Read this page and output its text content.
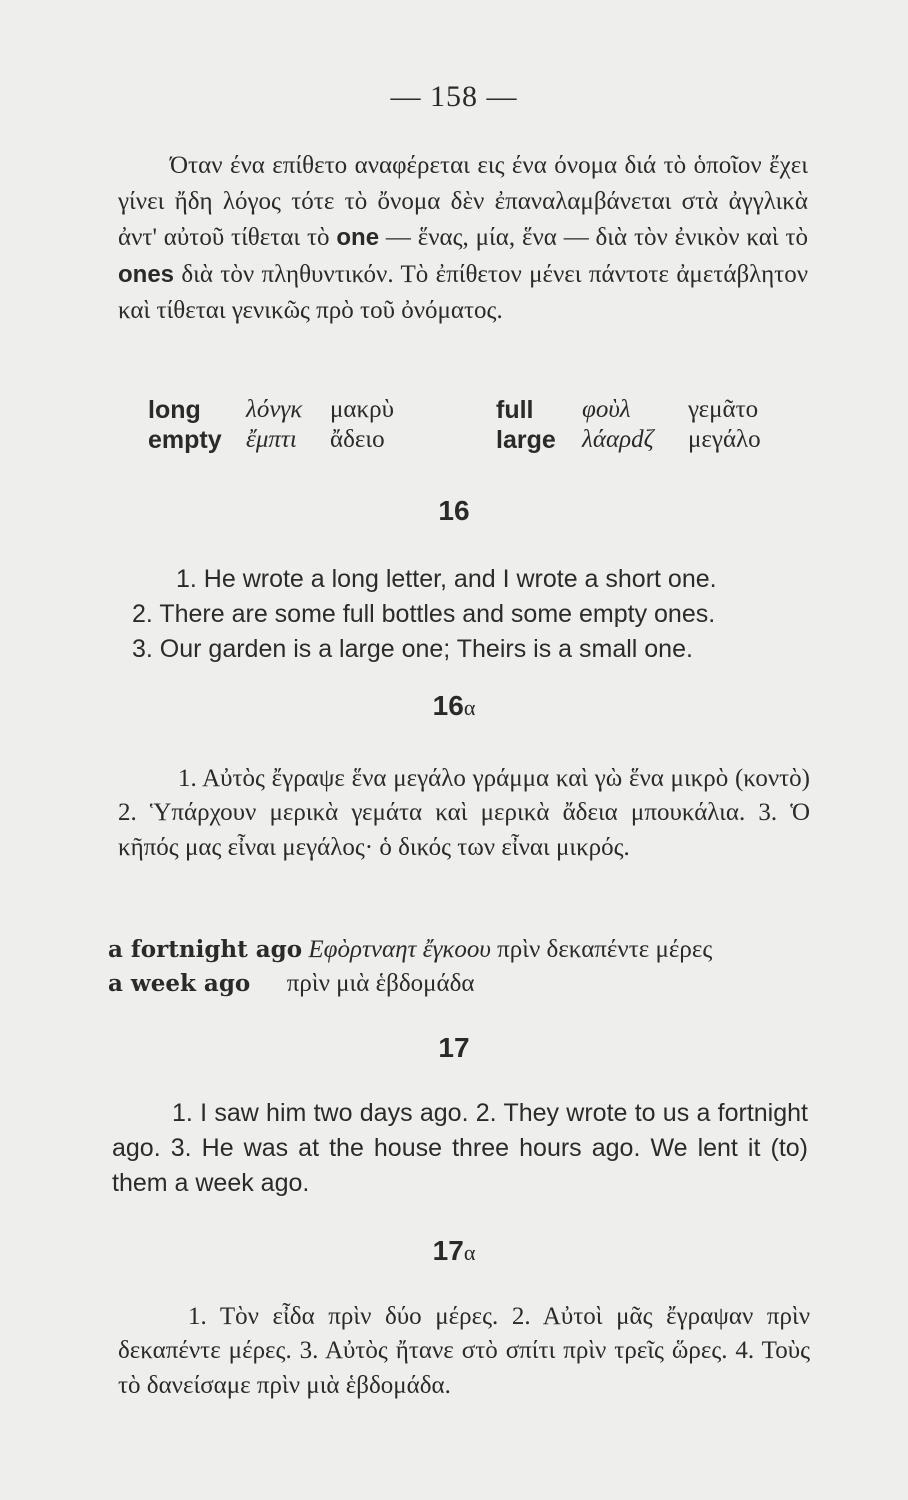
— 158 —
Όταν ένα επίθετο αναφέρεται εις ένα όνομα διά τὸ ὁποῖον ἔχει γίνει ἤδη λόγος τότε τὸ ὄνομα δὲν ἐπαναλαμβάνεται στὰ ἀγγλικὰ ἀντ' αὐτοῦ τίθεται τὸ one — ἕνας, μία, ἕνα — διὰ τὸν ἐνικὸν καὶ τὸ ones διὰ τὸν πληθυντικόν. Τὸ ἐπίθετον μένει πάντοτε ἀμετάβλητον καὶ τίθεται γενικῶς πρὸ τοῦ ὀνόματος.
long λόνγκ μακρὺ	full φοὺλ γεμᾶτο
empty ἔμπτι ἄδειο	large λάαρdζ μεγάλο
16
1. He wrote a long letter, and I wrote a short one.
2. There are some full bottles and some empty ones.
3. Our garden is a large one; Theirs is a small one.
16α
1. Αὐτὸς ἔγραψε ἕνα μεγάλο γράμμα καὶ γὼ ἕνα μικρὸ (κοντὸ) 2. Ὑπάρχουν μερικὰ γεμάτα καὶ μερικὰ ἄδεια μπουκάλια. 3. Ὁ κῆπός μας εἶναι μεγάλος· ὁ δικός των εἶναι μικρός.
a fortnight ago Εφὸρτναητ ἔγκοου πρὶν δεκαπέντε μέρες
a week ago πρὶν μιὰ ἑβδομάδα
17
1. I saw him two days ago. 2. They wrote to us a fortnight ago. 3. He was at the house three hours ago. We lent it (to) them a week ago.
17α
1. Τὸν εἶδα πρὶν δύο μέρες. 2. Αὐτοὶ μᾶς ἔγραψαν πρὶν δεκαπέντε μέρες. 3. Αὐτὸς ἤτανε στὸ σπίτι πρὶν τρεῖς ὥρες. 4. Τοὺς τὸ δανείσαμε πρὶν μιὰ ἑβδομάδα.
